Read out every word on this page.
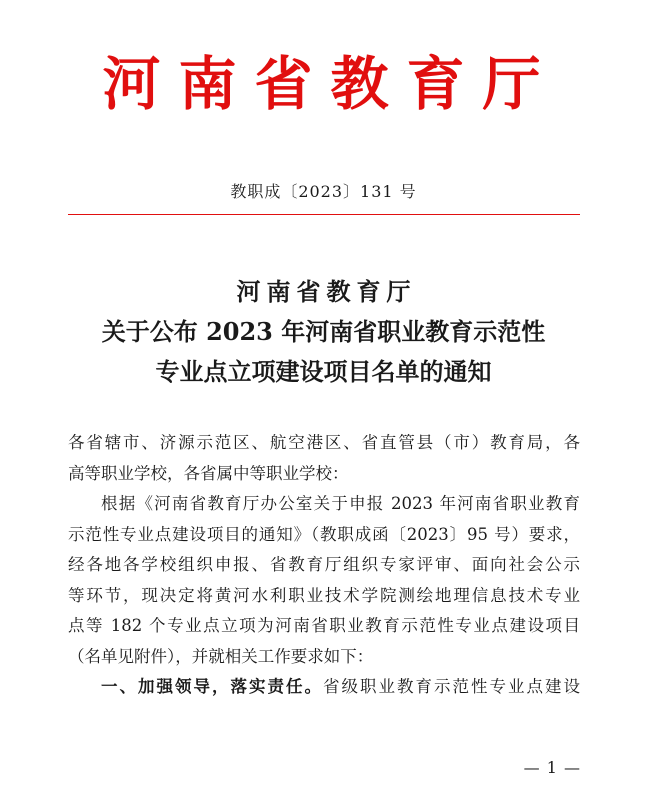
河南省教育厅
教职成〔2023〕131 号
河南省教育厅
关于公布 2023 年河南省职业教育示范性
专业点立项建设项目名单的通知

各省辖市、济源示范区、航空港区、省直管县（市）教育局，各

高等职业学校，各省属中等职业学校：

根据《河南省教育厅办公室关于申报 2023 年河南省职业教育

示范性专业点建设项目的通知》（教职成函〔2023〕95 号）要求，

经各地各学校组织申报、省教育厅组织专家评审、面向社会公示

等环节，现决定将黄河水利职业技术学院测绘地理信息技术专业

点等 182 个专业点立项为河南省职业教育示范性专业点建设项目

（名单见附件），并就相关工作要求如下：

一、加强领导，落实责任。省级职业教育示范性专业点建设

— 1 —
